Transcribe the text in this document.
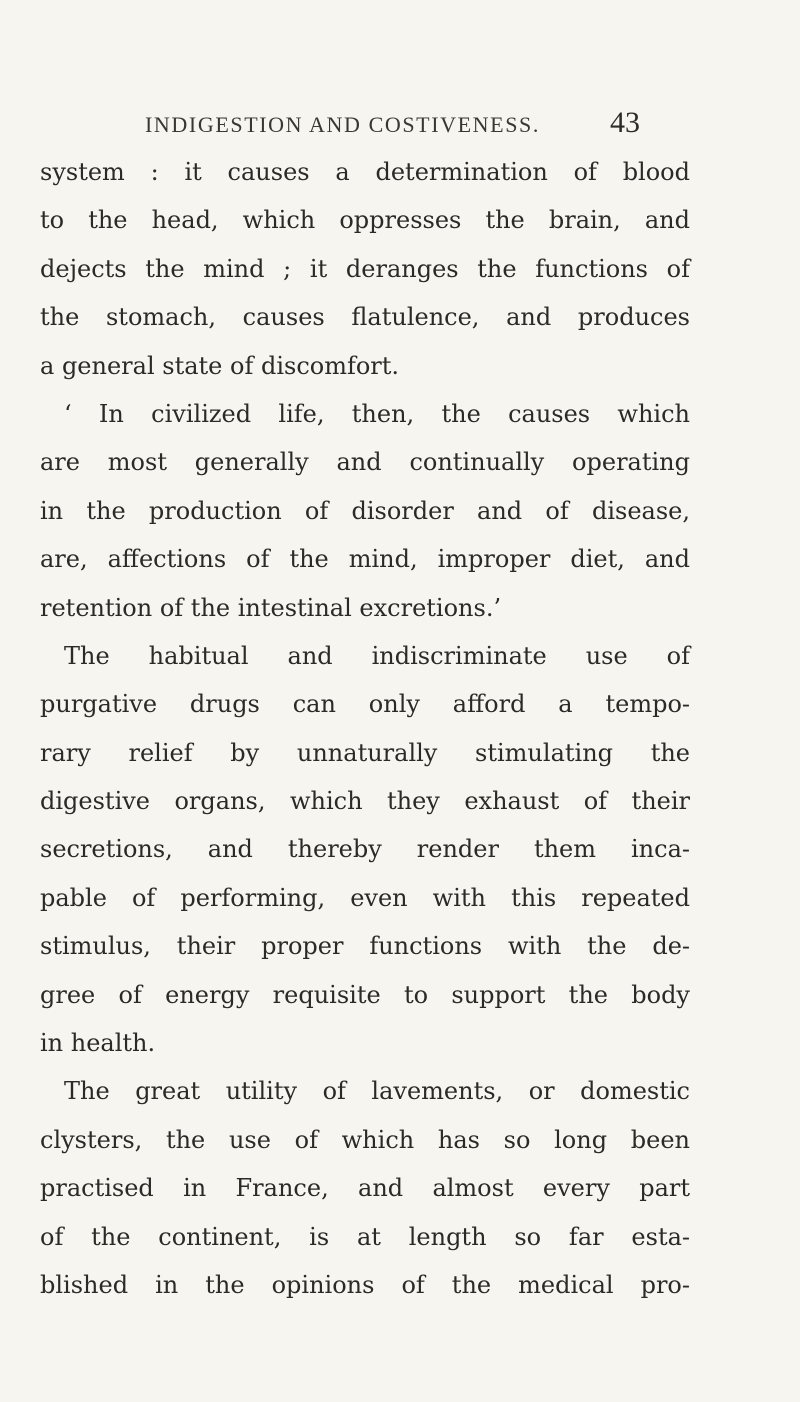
INDIGESTION AND COSTIVENESS. 43
system : it causes a determination of blood
to the head, which oppresses the brain, and
dejects the mind ; it deranges the functions of
the stomach, causes flatulence, and produces
a general state of discomfort.
‘ In civilized life, then, the causes which
are most generally and continually operating
in the production of disorder and of disease,
are, affections of the mind, improper diet, and
retention of the intestinal excretions.’
The habitual and indiscriminate use of
purgative drugs can only afford a tempo-
rary relief by unnaturally stimulating the
digestive organs, which they exhaust of their
secretions, and thereby render them inca-
pable of performing, even with this repeated
stimulus, their proper functions with the de-
gree of energy requisite to support the body
in health.
The great utility of lavements, or domestic
clysters, the use of which has so long been
practised in France, and almost every part
of the continent, is at length so far esta-
blished in the opinions of the medical pro-
